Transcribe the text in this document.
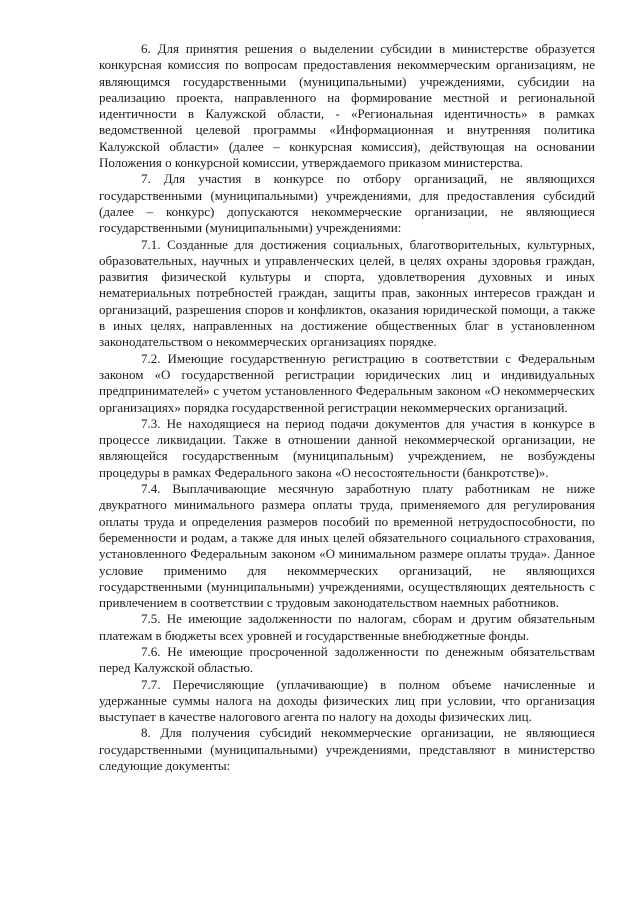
6. Для принятия решения о выделении субсидии в министерстве образуется конкурсная комиссия по вопросам предоставления некоммерческим организациям, не являющимся государственными (муниципальными) учреждениями, субсидии на реализацию проекта, направленного на формирование местной и региональной идентичности в Калужской области, - «Региональная идентичность» в рамках ведомственной целевой программы «Информационная и внутренняя политика Калужской области» (далее – конкурсная комиссия), действующая на основании Положения о конкурсной комиссии, утверждаемого приказом министерства.

7. Для участия в конкурсе по отбору организаций, не являющихся государственными (муниципальными) учреждениями, для предоставления субсидий (далее – конкурс) допускаются некоммерческие организации, не являющиеся государственными (муниципальными) учреждениями:

7.1. Созданные для достижения социальных, благотворительных, культурных, образовательных, научных и управленческих целей, в целях охраны здоровья граждан, развития физической культуры и спорта, удовлетворения духовных и иных нематериальных потребностей граждан, защиты прав, законных интересов граждан и организаций, разрешения споров и конфликтов, оказания юридической помощи, а также в иных целях, направленных на достижение общественных благ в установленном законодательством о некоммерческих организациях порядке.

7.2. Имеющие государственную регистрацию в соответствии с Федеральным законом «О государственной регистрации юридических лиц и индивидуальных предпринимателей» с учетом установленного Федеральным законом «О некоммерческих организациях» порядка государственной регистрации некоммерческих организаций.

7.3. Не находящиеся на период подачи документов для участия в конкурсе в процессе ликвидации. Также в отношении данной некоммерческой организации, не являющейся государственным (муниципальным) учреждением, не возбуждены процедуры в рамках Федерального закона «О несостоятельности (банкротстве)».

7.4. Выплачивающие месячную заработную плату работникам не ниже двукратного минимального размера оплаты труда, применяемого для регулирования оплаты труда и определения размеров пособий по временной нетрудоспособности, по беременности и родам, а также для иных целей обязательного социального страхования, установленного Федеральным законом «О минимальном размере оплаты труда». Данное условие применимо для некоммерческих организаций, не являющихся государственными (муниципальными) учреждениями, осуществляющих деятельность с привлечением в соответствии с трудовым законодательством наемных работников.

7.5. Не имеющие задолженности по налогам, сборам и другим обязательным платежам в бюджеты всех уровней и государственные внебюджетные фонды.

7.6. Не имеющие просроченной задолженности по денежным обязательствам перед Калужской областью.

7.7. Перечисляющие (уплачивающие) в полном объеме начисленные и удержанные суммы налога на доходы физических лиц при условии, что организация выступает в качестве налогового агента по налогу на доходы физических лиц.

8. Для получения субсидий некоммерческие организации, не являющиеся государственными (муниципальными) учреждениями, представляют в министерство следующие документы:
